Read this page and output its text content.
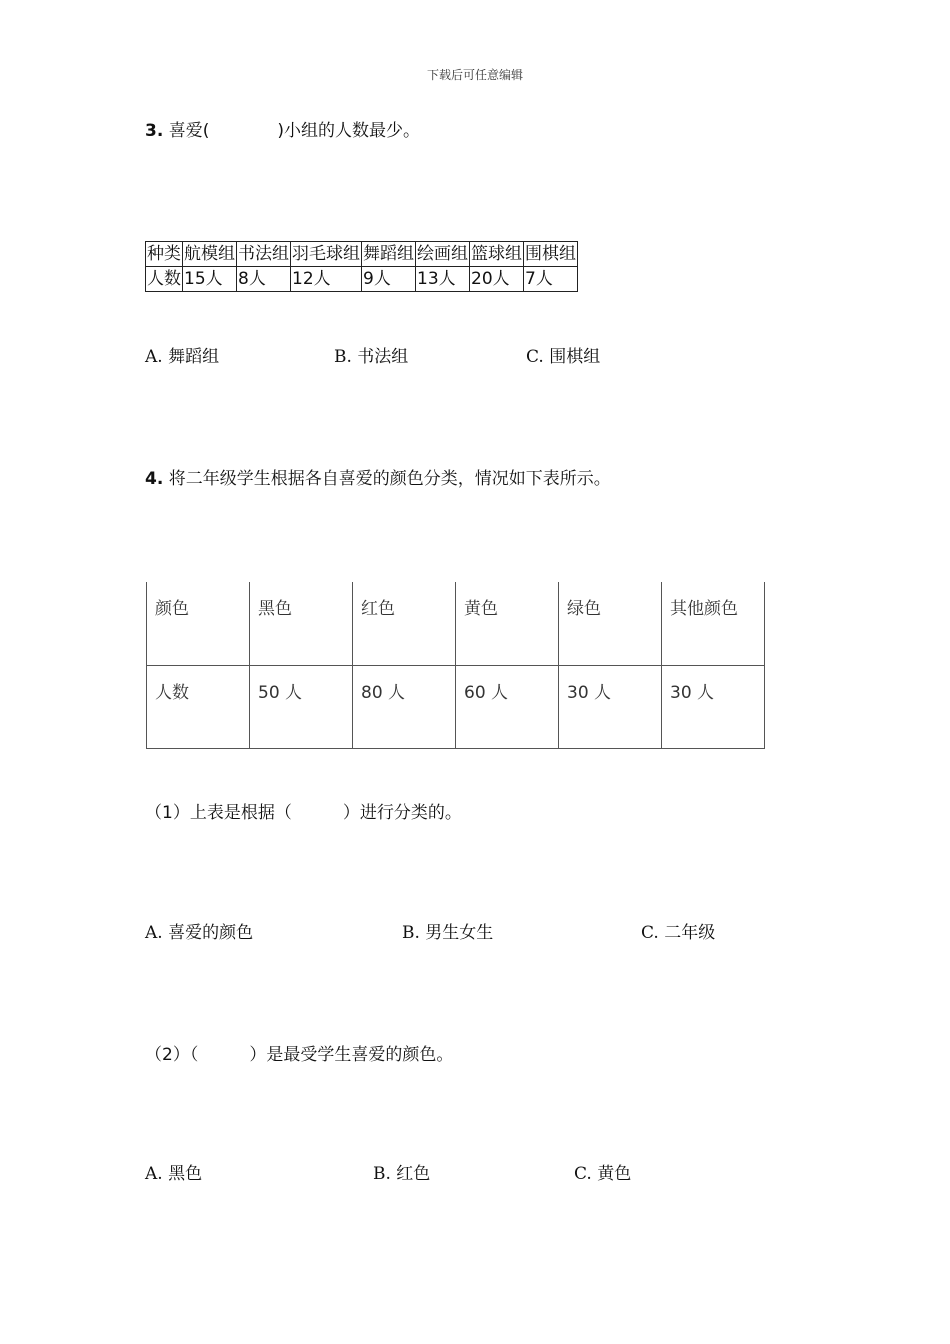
下载后可任意编辑
3. 喜爱(　　　　)小组的人数最少。
种类	航模组	书法组	羽毛球组	舞蹈组	绘画组	篮球组	围棋组
人数	15人	8人	12人	9人	13人	20人	7人
A. 舞蹈组	B. 书法组	C. 围棋组
4. 将二年级学生根据各自喜爱的颜色分类，情况如下表所示。
颜色	黑色	红色	黄色	绿色	其他颜色

人数	50 人	80 人	60 人	30 人	30 人
（1）上表是根据（　　　）进行分类的。
A. 喜爱的颜色	B. 男生女生	C. 二年级
（2）（　　　）是最受学生喜爱的颜色。
A. 黑色	B. 红色	C. 黄色
